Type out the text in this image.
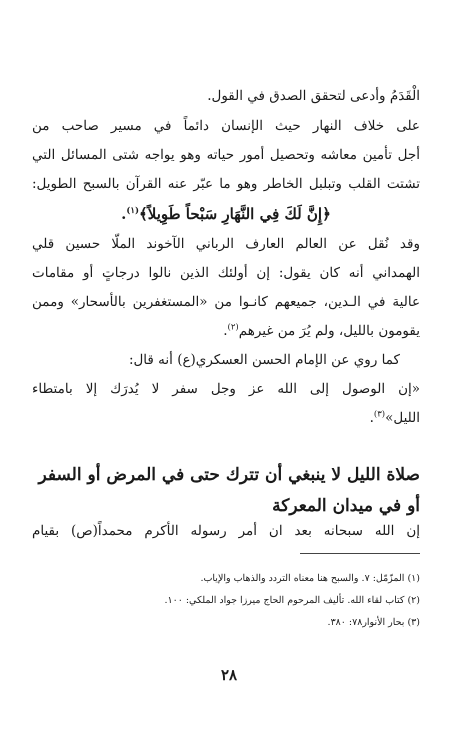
الْقَدَمُ وأدعى لتحقق الصدق في القول.
على خلاف النهار حيث الإنسان دائماً في مسير صاحب من
أجل تأمين معاشه وتحصيل أمور حياته وهو يواجه شتى المسائل التي
تشتت القلب وتبلبل الخاطر وهو ما عبّر عنه القرآن بالسبح الطويل:
﴿إِنَّ لَكَ فِي النَّهَارِ سَبْحاً طَوِيلاً﴾$^{(١)}$.
وقد نُقل عن العالم العارف الرباني الآخوند الملّا حسين قلي
الهمداني أنه كان يقول: إن أولئك الذين نالوا درجاتٍ أو مقامات
عالية في الـدين، جميعهم كانـوا من «المستغفرين بالأسحار» وممن
يقومون بالليل، ولم يُرَ من غيرهم$^{(٢)}$.
كما روي عن الإمام الحسن العسكري(ع) أنه قال:
«إن الوصول إلى الله عز وجل سفر لا يُدرَك إلا بامتطاء
الليل»$^{(٣)}$.
صلاة الليل لا ينبغي أن تترك حتى في المرض أو السفر
أو في ميدان المعركة
إن الله سبحانه بعد ان أمر رسوله الأكرم محمداً(ص) بقيام
(١) المزّمّل: ٧. والسبح هنا معناه التردد والذهاب والإياب.
(٢) كتاب لقاء الله. تأليف المرحوم الحاج ميرزا جواد الملكي: ١٠٠.
(٣) بحار الأنوار٧٨: ٣٨٠.
٢٨
